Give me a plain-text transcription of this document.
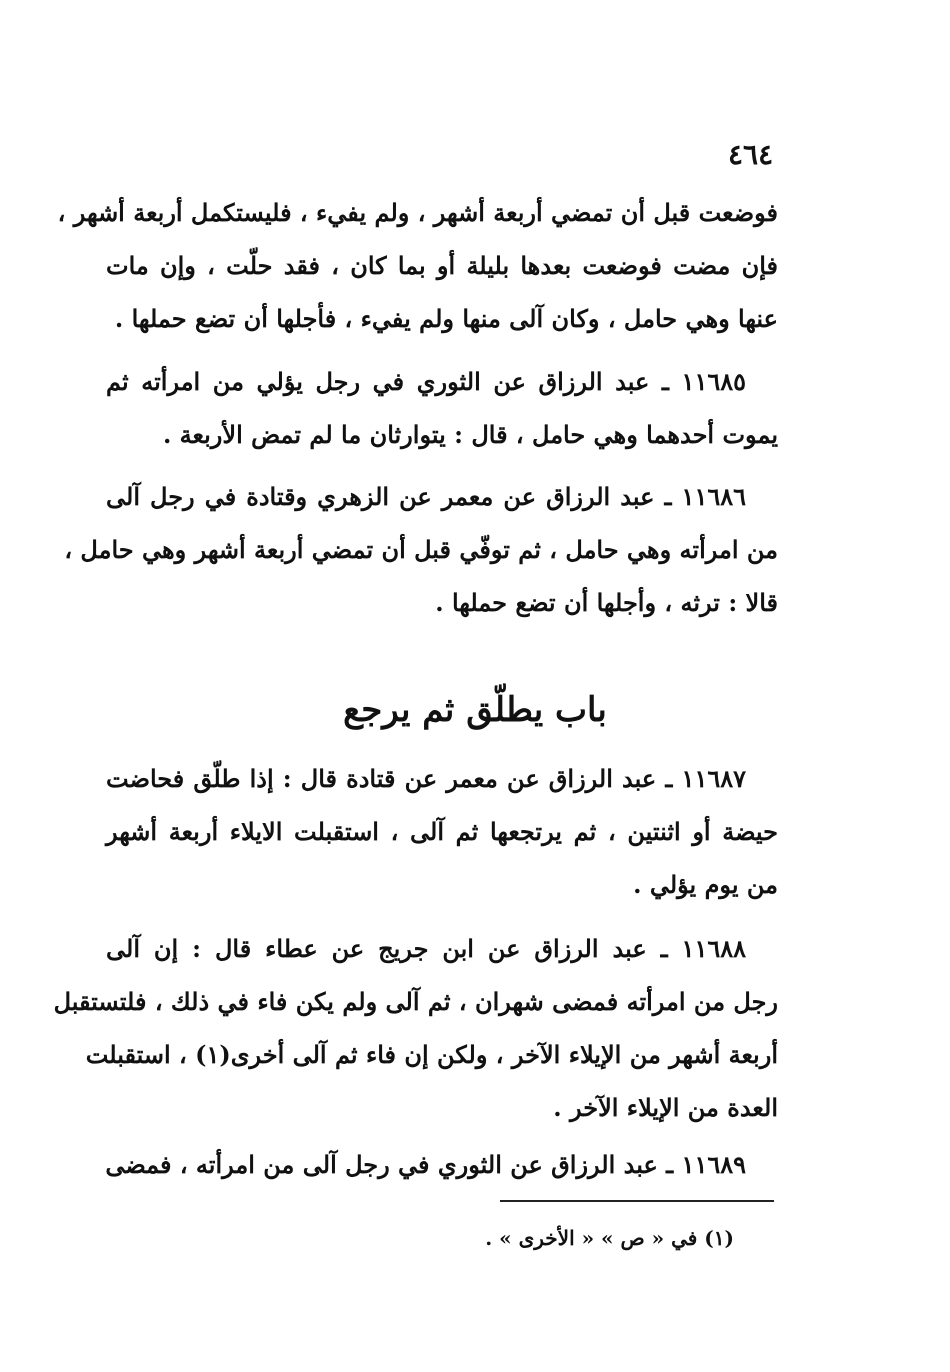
٤٦٤
فوضعت قبل أن تمضي أربعة أشهر ، ولم يفيء ، فليستكمل أربعة أشهر ،
فإن مضت فوضعت بعدها بليلة أو بما كان ، فقد حلّت ، وإن مات
عنها وهي حامل ، وكان آلى منها ولم يفيء ، فأجلها أن تضع حملها .
١١٦٨٥ ـ عبد الرزاق عن الثوري في رجل يؤلي من امرأته ثم
يموت أحدهما وهي حامل ، قال : يتوارثان ما لم تمض الأربعة .
١١٦٨٦ ـ عبد الرزاق عن معمر عن الزهري وقتادة في رجل آلى
من امرأته وهي حامل ، ثم توفّي قبل أن تمضي أربعة أشهر وهي حامل ،
قالا : ترثه ، وأجلها أن تضع حملها .
باب يطلّق ثم يرجع
١١٦٨٧ ـ عبد الرزاق عن معمر عن قتادة قال : إذا طلّق فحاضت
حيضة أو اثنتين ، ثم يرتجعها ثم آلى ، استقبلت الايلاء أربعة أشهر
من يوم يؤلي .
١١٦٨٨ ـ عبد الرزاق عن ابن جريج عن عطاء قال : إن آلى
رجل من امرأته فمضى شهران ، ثم آلى ولم يكن فاء في ذلك ، فلتستقبل
أربعة أشهر من الإيلاء الآخر ، ولكن إن فاء ثم آلى أخرى(١) ، استقبلت
العدة من الإيلاء الآخر .
١١٦٨٩ ـ عبد الرزاق عن الثوري في رجل آلى من امرأته ، فمضى
(١) في « ص » « الأخرى » .
